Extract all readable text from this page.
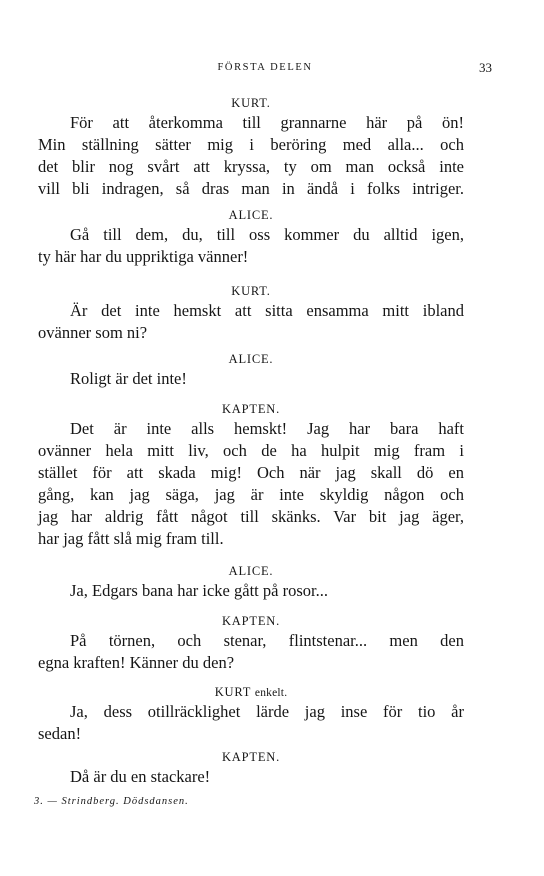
FÖRSTA DELEN	33
KURT.
För att återkomma till grannarne här på ön!
Min ställning sätter mig i beröring med alla... och
det blir nog svårt att kryssa, ty om man också inte
vill bli indragen, så dras man in ändå i folks intriger.
ALICE.
Gå till dem, du, till oss kommer du alltid igen,
ty här har du uppriktiga vänner!
KURT.
Är det inte hemskt att sitta ensamma mitt ibland
ovänner som ni?
ALICE.
Roligt är det inte!
KAPTEN.
Det är inte alls hemskt! Jag har bara haft
ovänner hela mitt liv, och de ha hulpit mig fram i
stället för att skada mig! Och när jag skall dö en
gång, kan jag säga, jag är inte skyldig någon och
jag har aldrig fått något till skänks. Var bit jag äger,
har jag fått slå mig fram till.
ALICE.
Ja, Edgars bana har icke gått på rosor...
KAPTEN.
På törnen, och stenar, flintstenar... men den
egna kraften! Känner du den?
KURT enkelt.
Ja, dess otillräcklighet lärde jag inse för tio år
sedan!
KAPTEN.
Då är du en stackare!
3. — Strindberg. Dödsdansen.
